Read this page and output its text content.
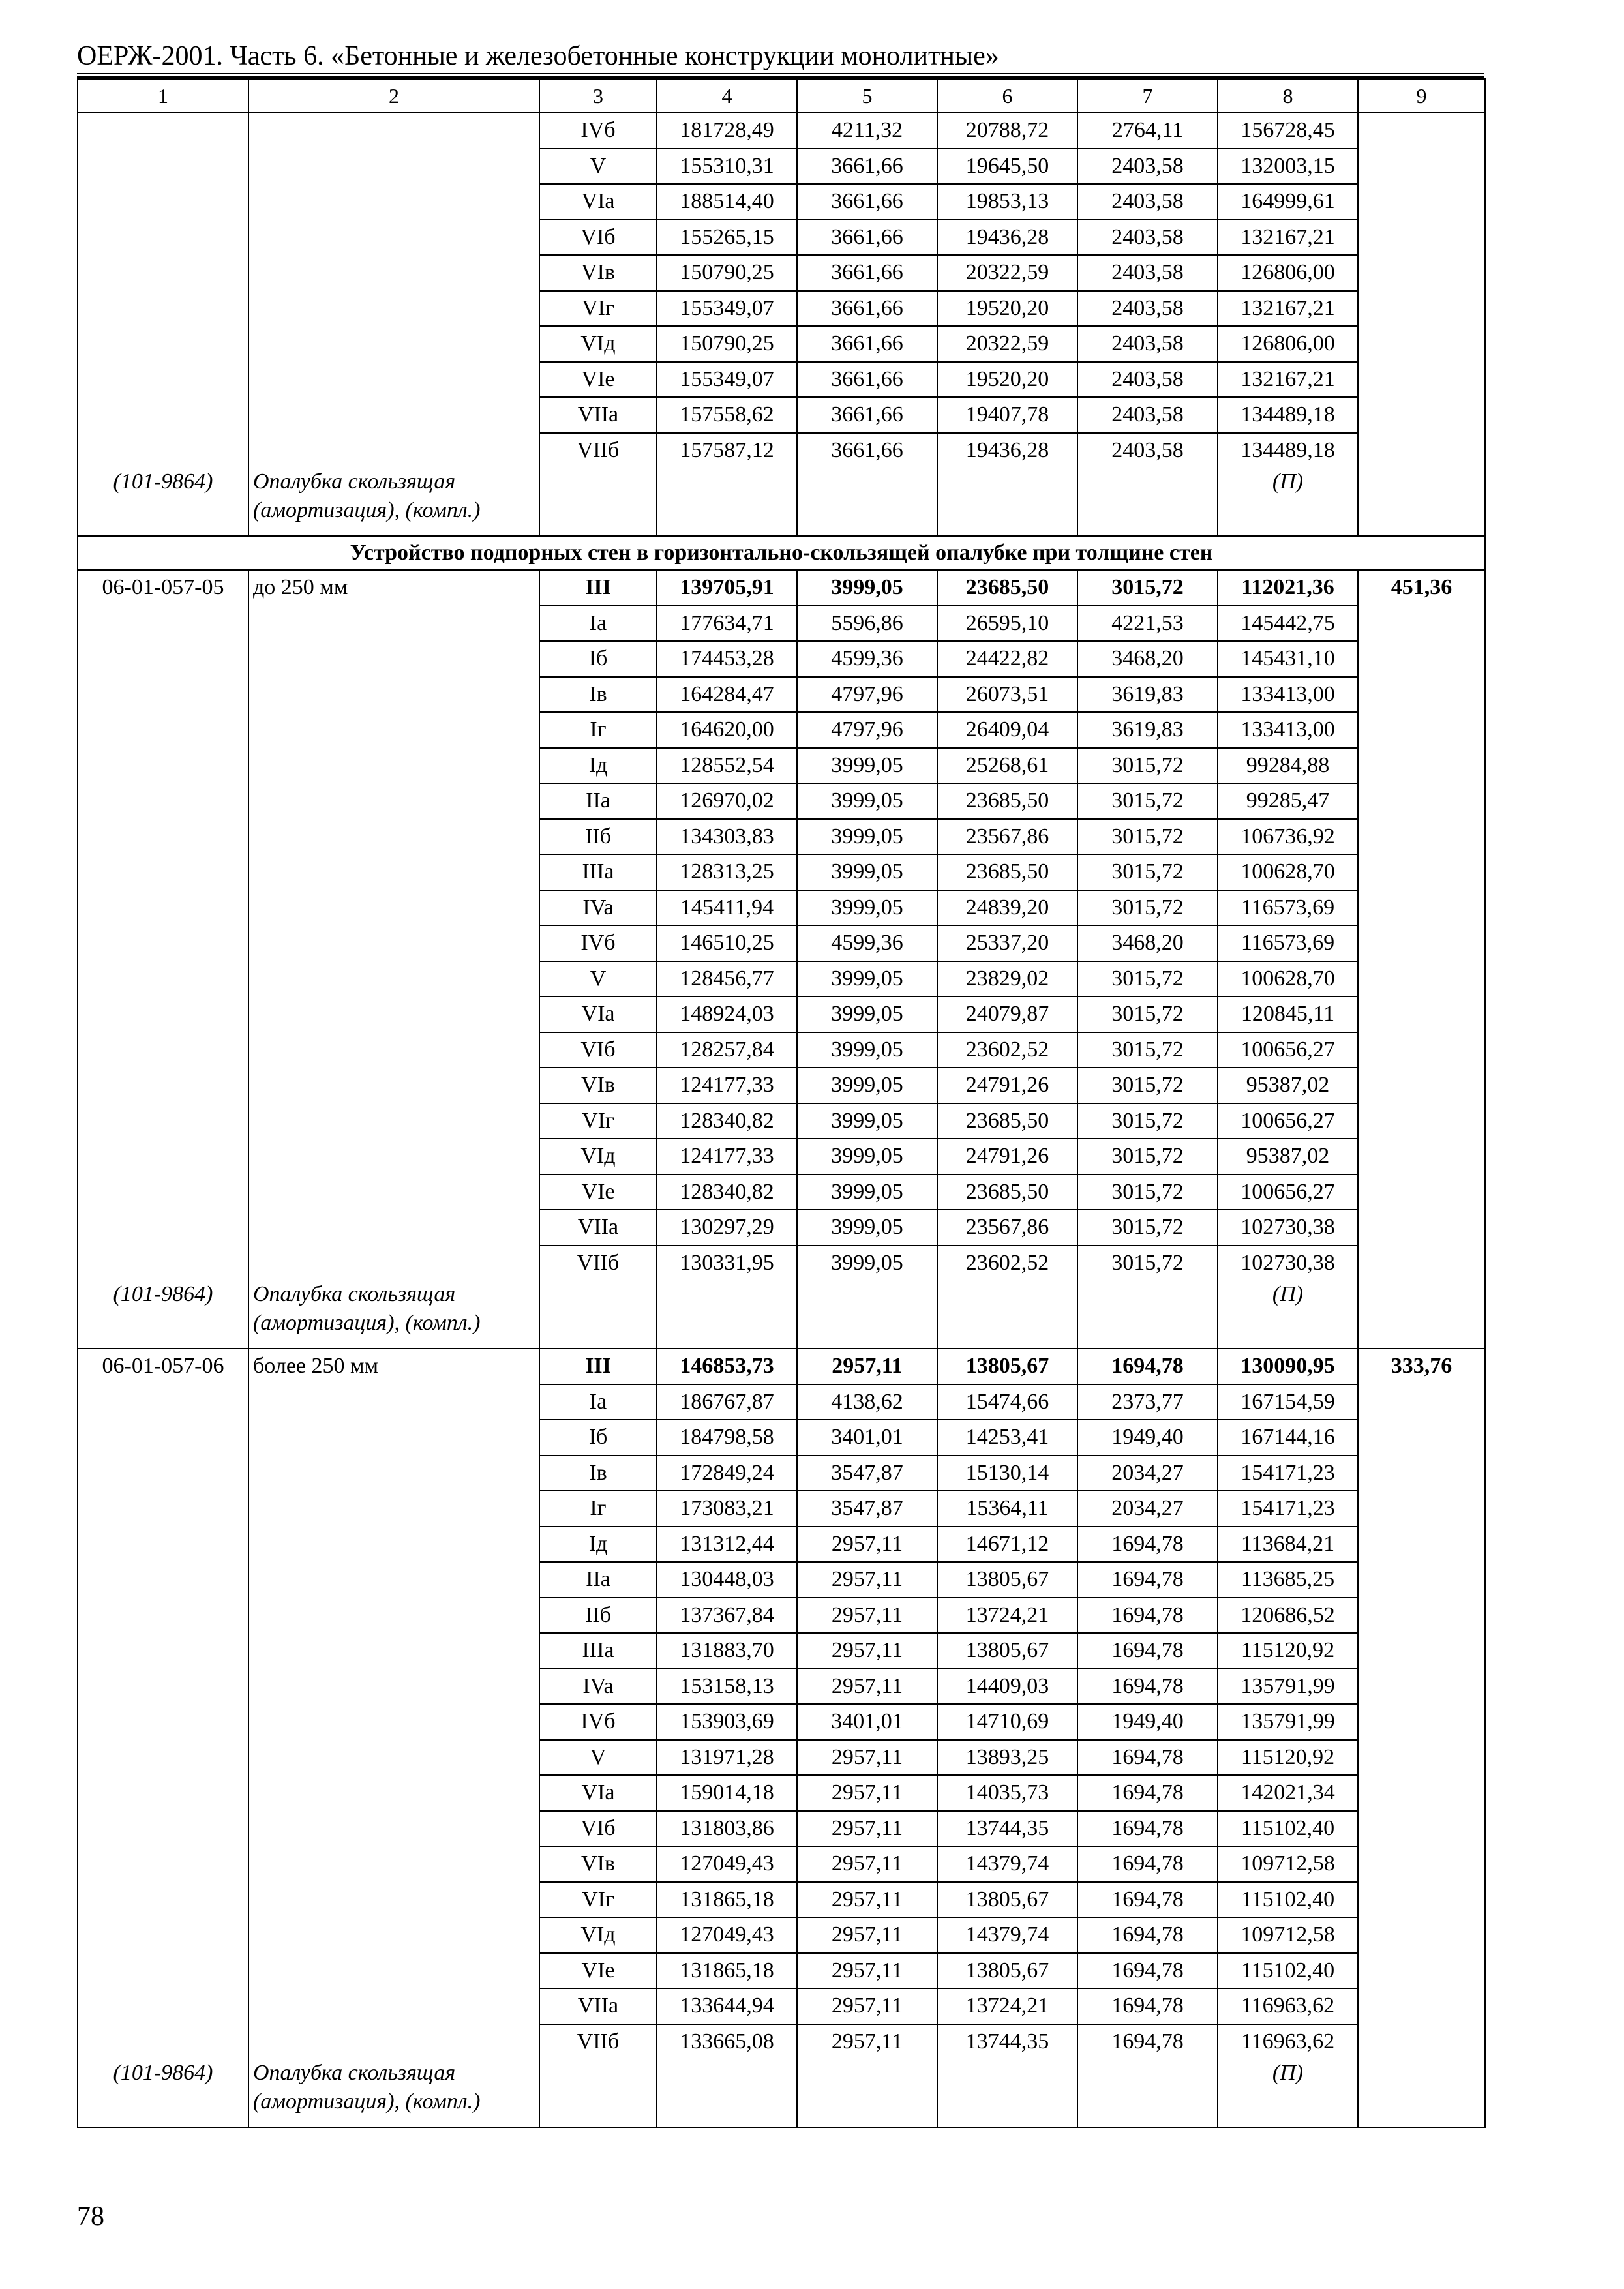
ОЕРЖ-2001. Часть 6. «Бетонные и железобетонные конструкции монолитные»
1	2	3	4	5	6	7	8	9
		IVб	181728,49	4211,32	20788,72	2764,11	156728,45	
		V	155310,31	3661,66	19645,50	2403,58	132003,15	
		VIa	188514,40	3661,66	19853,13	2403,58	164999,61	
		VIб	155265,15	3661,66	19436,28	2403,58	132167,21	
		VIв	150790,25	3661,66	20322,59	2403,58	126806,00	
		VIг	155349,07	3661,66	19520,20	2403,58	132167,21	
		VIд	150790,25	3661,66	20322,59	2403,58	126806,00	
		VIe	155349,07	3661,66	19520,20	2403,58	132167,21	
		VIIa	157558,62	3661,66	19407,78	2403,58	134489,18	
		VIIб	157587,12	3661,66	19436,28	2403,58	134489,18	
(101-9864)	Опалубка скользящая (амортизация), (компл.)						(П)	
Устройство подпорных стен в горизонтально-скользящей опалубке при толщине стен								
06-01-057-05	до 250 мм	III	139705,91	3999,05	23685,50	3015,72	112021,36	451,36
		Ia	177634,71	5596,86	26595,10	4221,53	145442,75	
		Iб	174453,28	4599,36	24422,82	3468,20	145431,10	
		Iв	164284,47	4797,96	26073,51	3619,83	133413,00	
		Iг	164620,00	4797,96	26409,04	3619,83	133413,00	
		Iд	128552,54	3999,05	25268,61	3015,72	99284,88	
		IIa	126970,02	3999,05	23685,50	3015,72	99285,47	
		IIб	134303,83	3999,05	23567,86	3015,72	106736,92	
		IIIa	128313,25	3999,05	23685,50	3015,72	100628,70	
		IVa	145411,94	3999,05	24839,20	3015,72	116573,69	
		IVб	146510,25	4599,36	25337,20	3468,20	116573,69	
		V	128456,77	3999,05	23829,02	3015,72	100628,70	
		VIa	148924,03	3999,05	24079,87	3015,72	120845,11	
		VIб	128257,84	3999,05	23602,52	3015,72	100656,27	
		VIв	124177,33	3999,05	24791,26	3015,72	95387,02	
		VIг	128340,82	3999,05	23685,50	3015,72	100656,27	
		VIд	124177,33	3999,05	24791,26	3015,72	95387,02	
		VIe	128340,82	3999,05	23685,50	3015,72	100656,27	
		VIIa	130297,29	3999,05	23567,86	3015,72	102730,38	
		VIIб	130331,95	3999,05	23602,52	3015,72	102730,38	
(101-9864)	Опалубка скользящая (амортизация), (компл.)						(П)	
06-01-057-06	более 250 мм	III	146853,73	2957,11	13805,67	1694,78	130090,95	333,76
		Ia	186767,87	4138,62	15474,66	2373,77	167154,59	
		Iб	184798,58	3401,01	14253,41	1949,40	167144,16	
		Iв	172849,24	3547,87	15130,14	2034,27	154171,23	
		Iг	173083,21	3547,87	15364,11	2034,27	154171,23	
		Iд	131312,44	2957,11	14671,12	1694,78	113684,21	
		IIa	130448,03	2957,11	13805,67	1694,78	113685,25	
		IIб	137367,84	2957,11	13724,21	1694,78	120686,52	
		IIIa	131883,70	2957,11	13805,67	1694,78	115120,92	
		IVa	153158,13	2957,11	14409,03	1694,78	135791,99	
		IVб	153903,69	3401,01	14710,69	1949,40	135791,99	
		V	131971,28	2957,11	13893,25	1694,78	115120,92	
		VIa	159014,18	2957,11	14035,73	1694,78	142021,34	
		VIб	131803,86	2957,11	13744,35	1694,78	115102,40	
		VIв	127049,43	2957,11	14379,74	1694,78	109712,58	
		VIг	131865,18	2957,11	13805,67	1694,78	115102,40	
		VIд	127049,43	2957,11	14379,74	1694,78	109712,58	
		VIe	131865,18	2957,11	13805,67	1694,78	115102,40	
		VIIa	133644,94	2957,11	13724,21	1694,78	116963,62	
		VIIб	133665,08	2957,11	13744,35	1694,78	116963,62	
(101-9864)	Опалубка скользящая (амортизация), (компл.)						(П)	
78
